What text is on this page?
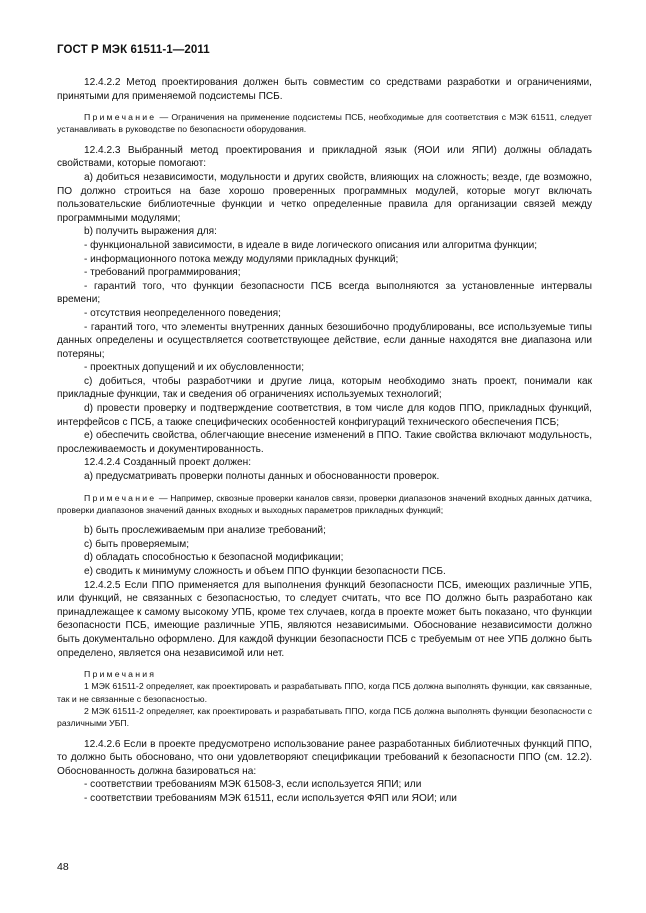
ГОСТ Р МЭК 61511-1—2011

12.4.2.2 Метод проектирования должен быть совместим со средствами разработки и ограничениями, принятыми для применяемой подсистемы ПСБ.

Примечание — Ограничения на применение подсистемы ПСБ, необходимые для соответствия с МЭК 61511, следует устанавливать в руководстве по безопасности оборудования.

12.4.2.3 Выбранный метод проектирования и прикладной язык (ЯОИ или ЯПИ) должны обладать свойствами, которые помогают:

а) добиться независимости, модульности и других свойств, влияющих на сложность; везде, где возможно, ПО должно строиться на базе хорошо проверенных программных модулей, которые могут включать пользовательские библиотечные функции и четко определенные правила для организации связей между программными модулями;

b) получить выражения для:

- функциональной зависимости, в идеале в виде логического описания или алгоритма функции;

- информационного потока между модулями прикладных функций;

- требований программирования;

- гарантий того, что функции безопасности ПСБ всегда выполняются за установленные интервалы времени;

- отсутствия неопределенного поведения;

- гарантий того, что элементы внутренних данных безошибочно продублированы, все используемые типы данных определены и осуществляется соответствующее действие, если данные находятся вне диапазона или потеряны;

- проектных допущений и их обусловленности;

с) добиться, чтобы разработчики и другие лица, которым необходимо знать проект, понимали как прикладные функции, так и сведения об ограничениях используемых технологий;

d) провести проверку и подтверждение соответствия, в том числе для кодов ППО, прикладных функций, интерфейсов с ПСБ, а также специфических особенностей конфигураций технического обеспечения ПСБ;

е) обеспечить свойства, облегчающие внесение изменений в ППО. Такие свойства включают модульность, прослеживаемость и документированность.

12.4.2.4 Созданный проект должен:

а) предусматривать проверки полноты данных и обоснованности проверок.

Примечание — Например, сквозные проверки каналов связи, проверки диапазонов значений входных данных датчика, проверки диапазонов значений данных входных и выходных параметров прикладных функций;

b) быть прослеживаемым при анализе требований;

с) быть проверяемым;

d) обладать способностью к безопасной модификации;

е) сводить к минимуму сложность и объем ППО функции безопасности ПСБ.

12.4.2.5 Если ППО применяется для выполнения функций безопасности ПСБ, имеющих различные УПБ, или функций, не связанных с безопасностью, то следует считать, что все ПО должно быть разработано как принадлежащее к самому высокому УПБ, кроме тех случаев, когда в проекте может быть показано, что функции безопасности ПСБ, имеющие различные УПБ, являются независимыми. Обоснование независимости должно быть документально оформлено. Для каждой функции безопасности ПСБ с требуемым от нее УПБ должно быть определено, является она независимой или нет.

Примечания

1 МЭК 61511-2 определяет, как проектировать и разрабатывать ППО, когда ПСБ должна выполнять функции, как связанные, так и не связанные с безопасностью.

2 МЭК 61511-2 определяет, как проектировать и разрабатывать ППО, когда ПСБ должна выполнять функции безопасности с различными УБП.

12.4.2.6 Если в проекте предусмотрено использование ранее разработанных библиотечных функций ППО, то должно быть обосновано, что они удовлетворяют спецификации требований к безопасности ППО (см. 12.2). Обоснованность должна базироваться на:

- соответствии требованиям МЭК 61508-3, если используется ЯПИ; или

- соответствии требованиям МЭК 61511, если используется ФЯП или ЯОИ; или

48
